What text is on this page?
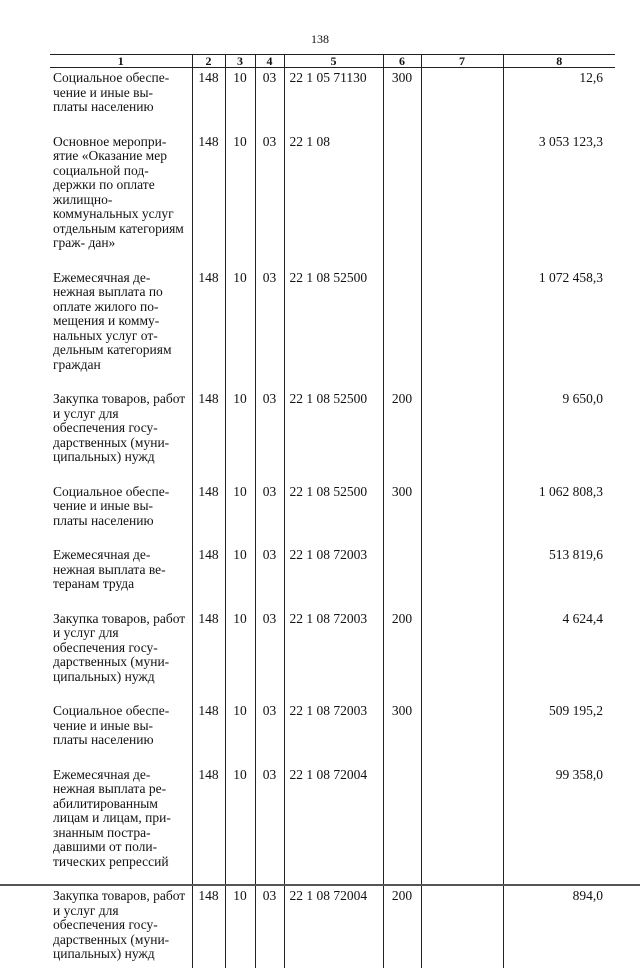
138
1	2	3	4	5	6	7	8
Социальное обеспе- чение и иные вы- платы населению	148	10	03	22 1 05 71130	300		12,6
Основное меропри- ятие «Оказание мер социальной под- держки по оплате жилищно- коммунальных услуг отдельным категориям граж- дан»	148	10	03	22 1 08			3 053 123,3
Ежемесячная де- нежная выплата по оплате жилого по- мещения и комму- нальных услуг от- дельным категориям граждан	148	10	03	22 1 08 52500			1 072 458,3
Закупка товаров, работ и услуг для обеспечения госу- дарственных (муни- ципальных) нужд	148	10	03	22 1 08 52500	200		9 650,0
Социальное обеспе- чение и иные вы- платы населению	148	10	03	22 1 08 52500	300		1 062 808,3
Ежемесячная де- нежная выплата ве- теранам труда	148	10	03	22 1 08 72003			513 819,6
Закупка товаров, работ и услуг для обеспечения госу- дарственных (муни- ципальных) нужд	148	10	03	22 1 08 72003	200		4 624,4
Социальное обеспе- чение и иные вы- платы населению	148	10	03	22 1 08 72003	300		509 195,2
Ежемесячная де- нежная выплата ре- абилитированным лицам и лицам, при- знанным постра- давшими от поли- тических репрессий	148	10	03	22 1 08 72004			99 358,0
Закупка товаров, работ и услуг для обеспечения госу- дарственных (муни- ципальных) нужд	148	10	03	22 1 08 72004	200		894,0
